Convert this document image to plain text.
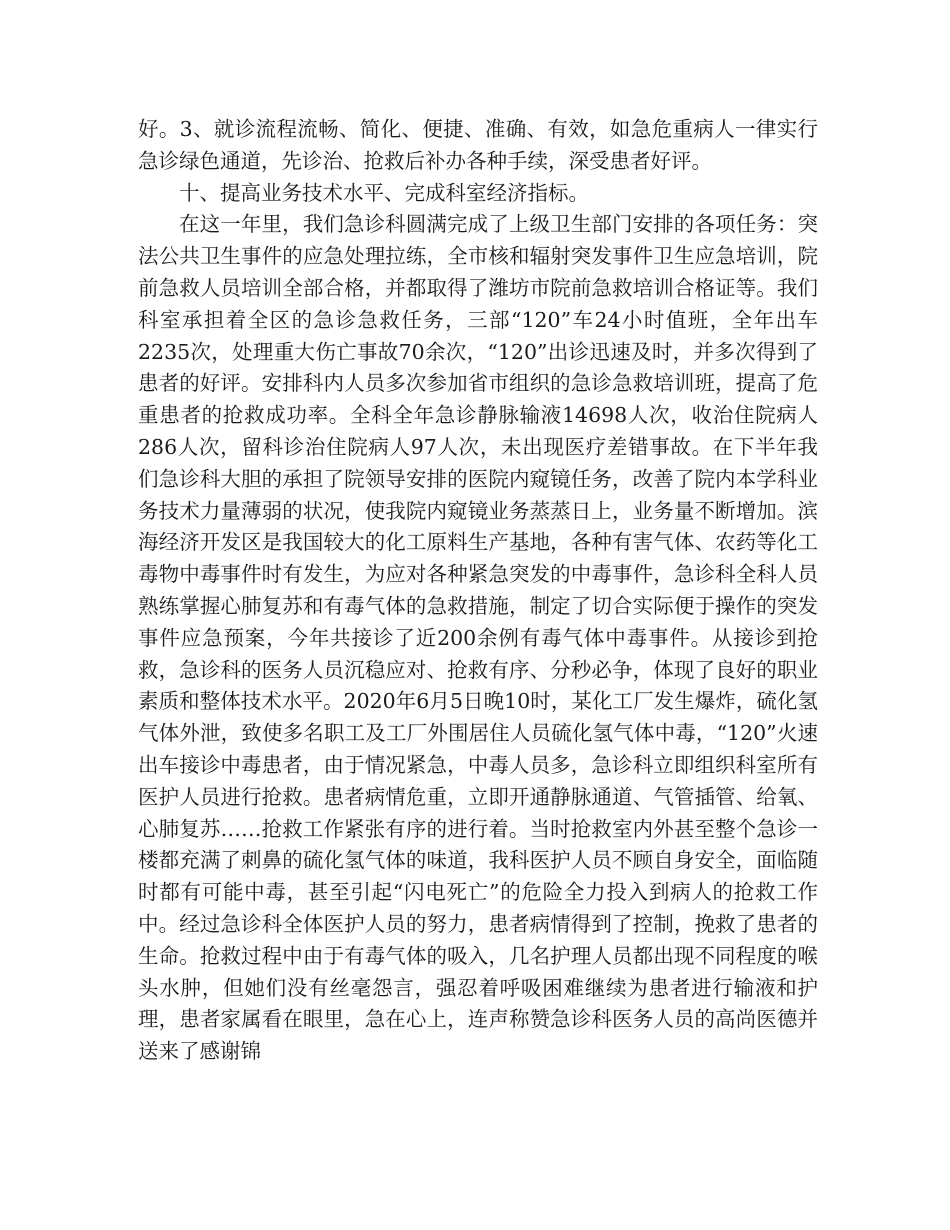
好。3、就诊流程流畅、简化、便捷、准确、有效，如急危重病人一律实行急诊绿色通道，先诊治、抢救后补办各种手续，深受患者好评。

十、提高业务技术水平、完成科室经济指标。

在这一年里，我们急诊科圆满完成了上级卫生部门安排的各项任务：突法公共卫生事件的应急处理拉练，全市核和辐射突发事件卫生应急培训，院前急救人员培训全部合格，并都取得了潍坊市院前急救培训合格证等。我们科室承担着全区的急诊急救任务，三部“120”车24小时值班，全年出车2235次，处理重大伤亡事故70余次，“120”出诊迅速及时，并多次得到了患者的好评。安排科内人员多次参加省市组织的急诊急救培训班，提高了危重患者的抢救成功率。全科全年急诊静脉输液14698人次，收治住院病人286人次，留科诊治住院病人97人次，未出现医疗差错事故。在下半年我们急诊科大胆的承担了院领导安排的医院内窥镜任务，改善了院内本学科业务技术力量薄弱的状况，使我院内窥镜业务蒸蒸日上，业务量不断增加。滨海经济开发区是我国较大的化工原料生产基地，各种有害气体、农药等化工毒物中毒事件时有发生，为应对各种紧急突发的中毒事件，急诊科全科人员熟练掌握心肺复苏和有毒气体的急救措施，制定了切合实际便于操作的突发事件应急预案，今年共接诊了近200余例有毒气体中毒事件。从接诊到抢救，急诊科的医务人员沉稳应对、抢救有序、分秒必争，体现了良好的职业素质和整体技术水平。2020年6月5日晚10时，某化工厂发生爆炸，硫化氢气体外泄，致使多名职工及工厂外围居住人员硫化氢气体中毒，“120”火速出车接诊中毒患者，由于情况紧急，中毒人员多，急诊科立即组织科室所有医护人员进行抢救。患者病情危重，立即开通静脉通道、气管插管、给氧、心肺复苏……抢救工作紧张有序的进行着。当时抢救室内外甚至整个急诊一楼都充满了刺鼻的硫化氢气体的味道，我科医护人员不顾自身安全，面临随时都有可能中毒，甚至引起“闪电死亡”的危险全力投入到病人的抢救工作中。经过急诊科全体医护人员的努力，患者病情得到了控制，挽救了患者的生命。抢救过程中由于有毒气体的吸入，几名护理人员都出现不同程度的喉头水肿，但她们没有丝毫怨言，强忍着呼吸困难继续为患者进行输液和护理，患者家属看在眼里，急在心上，连声称赞急诊科医务人员的高尚医德并送来了感谢锦
